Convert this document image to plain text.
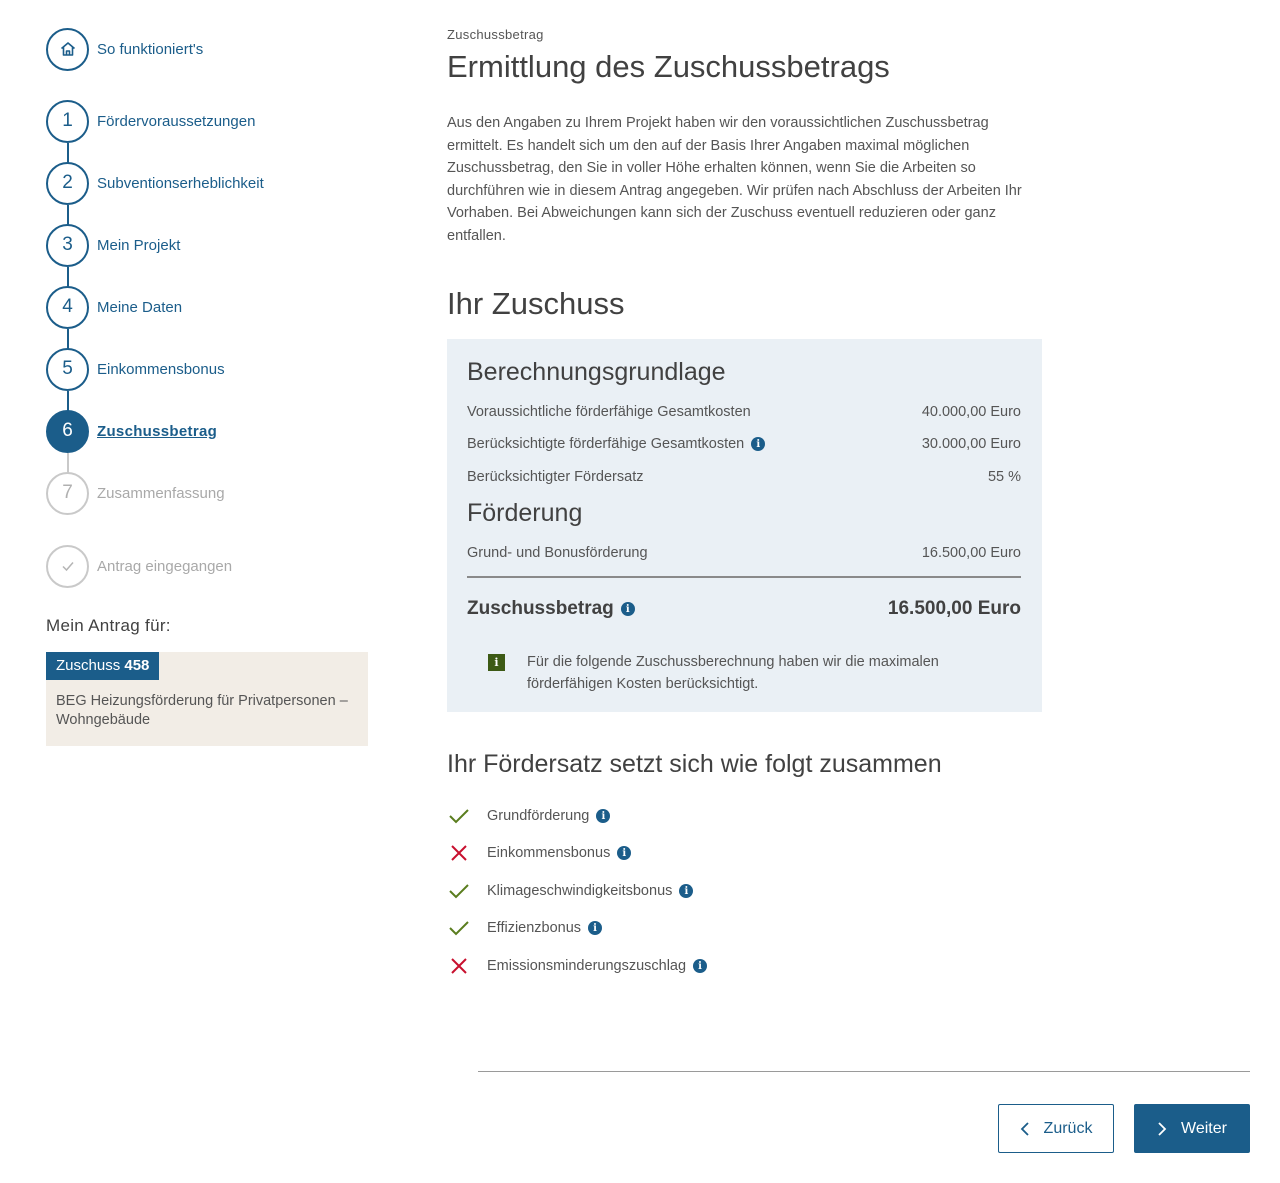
So funktioniert's
1	Fördervoraussetzungen
2	Subventionserheblichkeit
3	Mein Projekt
4	Meine Daten
5	Einkommensbonus
6	Zuschussbetrag
7	Zusammenfassung
Antrag eingegangen
Mein Antrag für:
Zuschuss 458
BEG Heizungsförderung für Privatpersonen – Wohngebäude
Zuschussbetrag
Ermittlung des Zuschussbetrags

Aus den Angaben zu Ihrem Projekt haben wir den voraussichtlichen Zuschussbetrag ermittelt. Es handelt sich um den auf der Basis Ihrer Angaben maximal möglichen Zuschussbetrag, den Sie in voller Höhe erhalten können, wenn Sie die Arbeiten so durchführen wie in diesem Antrag angegeben. Wir prüfen nach Abschluss der Arbeiten Ihr Vorhaben. Bei Abweichungen kann sich der Zuschuss eventuell reduzieren oder ganz entfallen.

Ihr Zuschuss
Berechnungsgrundlage
Voraussichtliche förderfähige Gesamtkosten	40.000,00 Euro
Berücksichtigte förderfähige Gesamtkosten	i	30.000,00 Euro
Berücksichtigter Fördersatz	55 %
Förderung
Grund- und Bonusförderung	16.500,00 Euro
Zuschussbetrag	i	16.500,00 Euro
i	Für die folgende Zuschussberechnung haben wir die maximalen förderfähigen Kosten berücksichtigt.
Ihr Fördersatz setzt sich wie folgt zusammen
Grundförderung	i
Einkommensbonus	i
Klimageschwindigkeitsbonus	i
Effizienzbonus	i
Emissionsminderungszuschlag	i
Zurück	Weiter
